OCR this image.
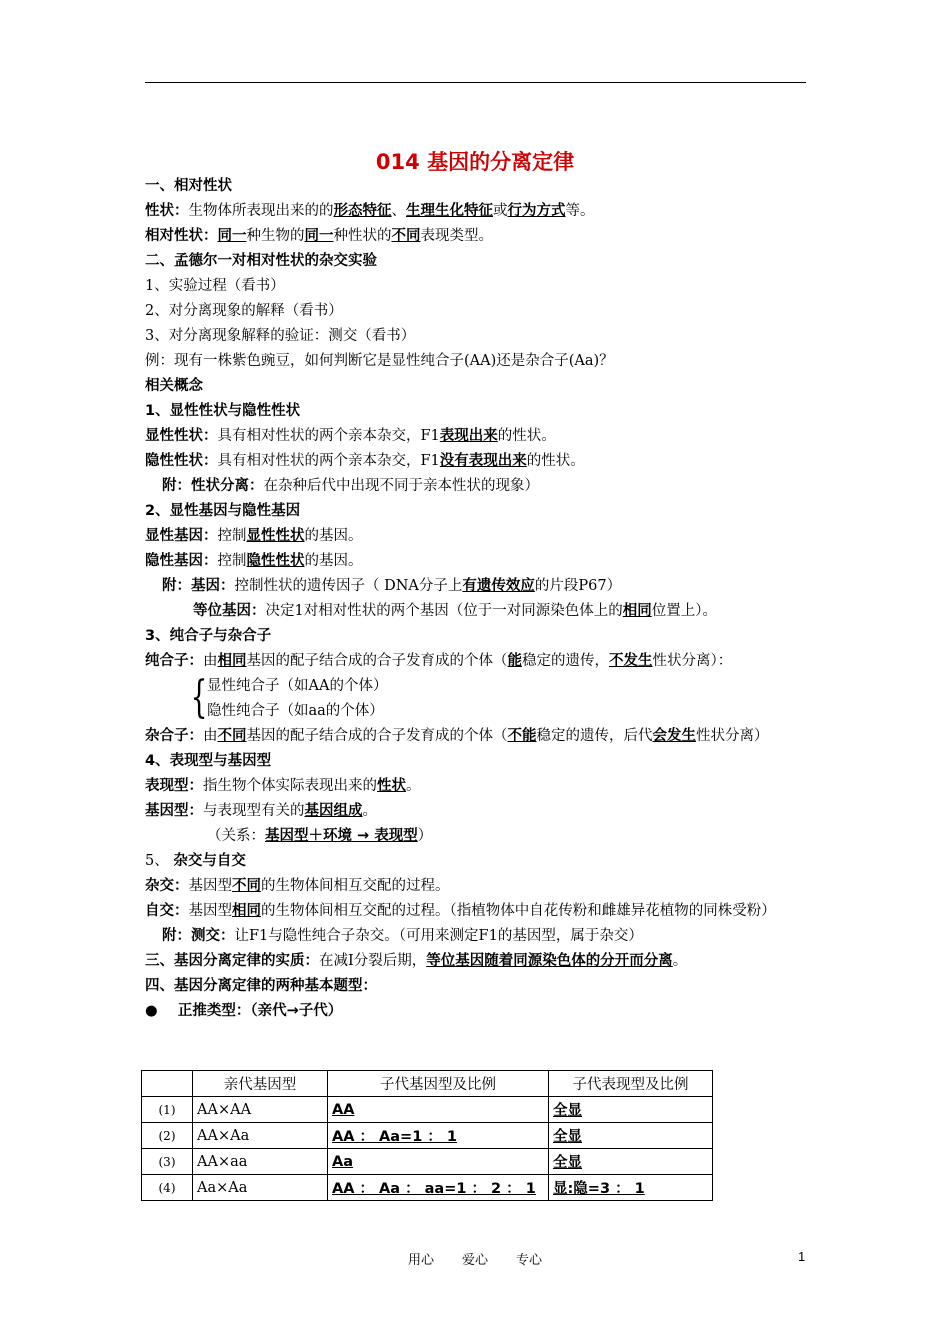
014 基因的分离定律
一、相对性状
性状：生物体所表现出来的的形态特征、生理生化特征或行为方式等。
相对性状：同一种生物的同一种性状的不同表现类型。
二、孟德尔一对相对性状的杂交实验
1、实验过程（看书）
2、对分离现象的解释（看书）
3、对分离现象解释的验证：测交（看书）
例：现有一株紫色豌豆，如何判断它是显性纯合子(AA)还是杂合子(Aa)？
相关概念
1、显性性状与隐性性状
显性性状：具有相对性状的两个亲本杂交，F1表现出来的性状。
隐性性状：具有相对性状的两个亲本杂交，F1没有表现出来的性状。
附：性状分离：在杂种后代中出现不同于亲本性状的现象）
2、显性基因与隐性基因
显性基因：控制显性性状的基因。
隐性基因：控制隐性性状的基因。
附：基因：控制性状的遗传因子（ DNA分子上有遗传效应的片段P67）
等位基因：决定1对相对性状的两个基因（位于一对同源染色体上的相同位置上）。
3、纯合子与杂合子
纯合子：由相同基因的配子结合成的合子发育成的个体（能稳定的遗传，不发生性状分离）：
{ 显性纯合子（如AA的个体）
隐性纯合子（如aa的个体）
杂合子：由不同基因的配子结合成的合子发育成的个体（不能稳定的遗传，后代会发生性状分离）
4、表现型与基因型
表现型：指生物个体实际表现出来的性状。
基因型：与表现型有关的基因组成。
（关系：基因型＋环境 → 表现型）
5、 杂交与自交
杂交：基因型不同的生物体间相互交配的过程。
自交：基因型相同的生物体间相互交配的过程。（指植物体中自花传粉和雌雄异花植物的同株受粉）
附：测交：让F1与隐性纯合子杂交。（可用来测定F1的基因型，属于杂交）
三、基因分离定律的实质：在减Ⅰ分裂后期，等位基因随着同源染色体的分开而分离。
四、基因分离定律的两种基本题型：
● 正推类型：（亲代→子代）
	亲代基因型	子代基因型及比例	子代表现型及比例
(1)	AA×AA	AA	全显
(2)	AA×Aa	AA ： Aa=1 ： 1	全显
(3)	AA×aa	Aa	全显
(4)	Aa×Aa	AA ： Aa ： aa=1 ： 2 ： 1	显:隐=3 ： 1
用心 爱心 专心	1
